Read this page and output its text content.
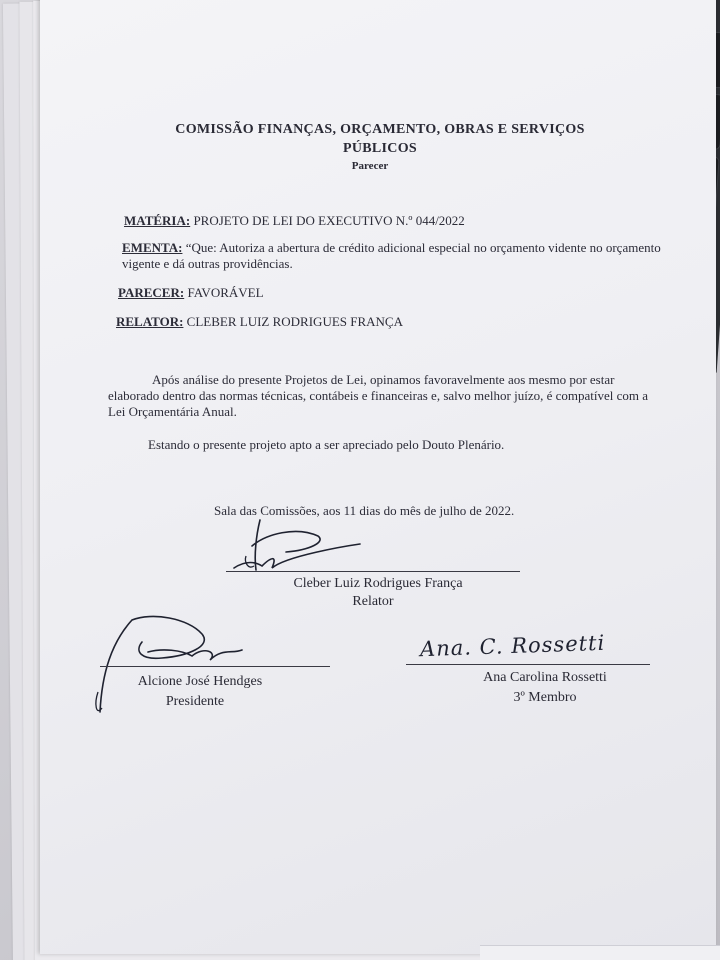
COMISSÃO FINANÇAS, ORÇAMENTO, OBRAS E SERVIÇOS
PÚBLICOS
Parecer
MATÉRIA: PROJETO DE LEI DO EXECUTIVO N.º 044/2022
EMENTA: “Que: Autoriza a abertura de crédito adicional especial no orçamento vidente no orçamento vigente e dá outras providências.
PARECER: FAVORÁVEL
RELATOR: CLEBER LUIZ RODRIGUES FRANÇA
Após análise do presente Projetos de Lei, opinamos favoravelmente aos mesmo por estar elaborado dentro das normas técnicas, contábeis e financeiras e, salvo melhor juízo, é compatível com a Lei Orçamentária Anual.
Estando o presente projeto apto a ser apreciado pelo Douto Plenário.
Sala das Comissões, aos 11 dias do mês de julho de 2022.
Cleber Luiz Rodrigues França
Relator
Alcione José Hendges
Presidente
Ana. C. Rossetti
Ana Carolina Rossetti
3º Membro
